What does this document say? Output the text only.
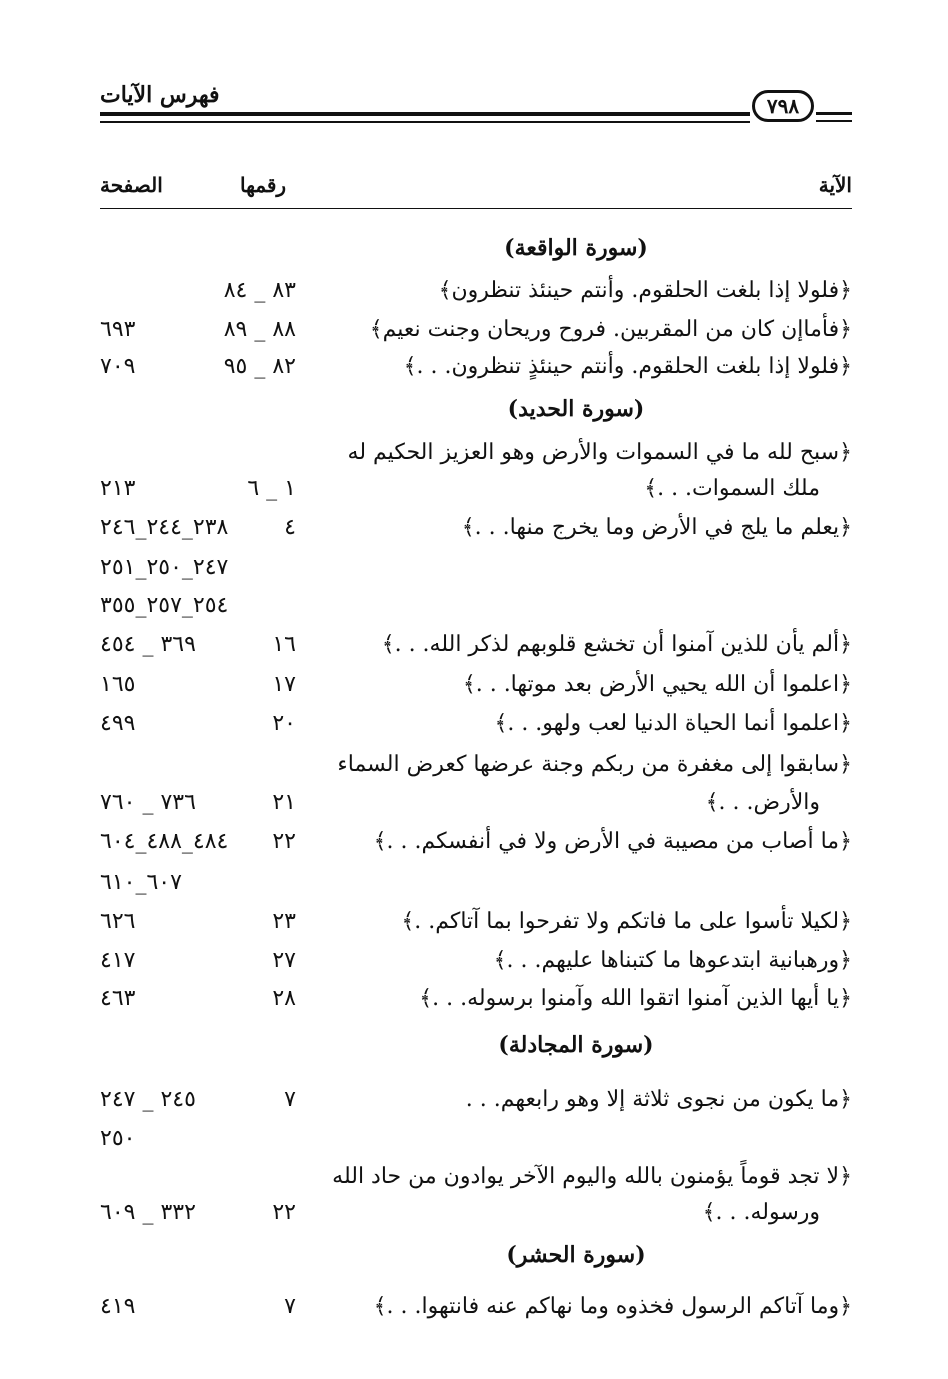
فهرس الآيات	٧٩٨
الآية
رقمها
الصفحة
(سورة الواقعة)
﴿فلولا إذا بلغت الحلقوم. وأنتم حينئذ تنظرون﴾
٨٣ _ ٨٤
﴿فأماإن كان من المقربين. فروح وريحان وجنت نعيم﴾
٨٨ _ ٨٩
٦٩٣
﴿فلولا إذا بلغت الحلقوم. وأنتم حينئذٍ تنظرون. . .﴾
٨٢ _ ٩٥
٧٠٩
(سورة الحديد)
﴿سبح لله ما في السموات والأرض وهو العزيز الحكيم له
ملك السموات. . .﴾
١ _ ٦
٢١٣
﴿يعلم ما يلج في الأرض وما يخرج منها. . .﴾
٤
٢٣٨_٢٤٤_٢٤٦
٢٤٧_٢٥٠_٢٥١
٢٥٤_٢٥٧_٣٥٥
﴿ألم يأن للذين آمنوا أن تخشع قلوبهم لذكر الله. . .﴾
١٦
٣٦٩ _ ٤٥٤
﴿اعلموا أن الله يحيي الأرض بعد موتها. . .﴾
١٧
١٦٥
﴿اعلموا أنما الحياة الدنيا لعب ولهو. . .﴾
٢٠
٤٩٩
﴿سابقوا إلى مغفرة من ربكم وجنة عرضها كعرض السماء
والأرض. . .﴾
٢١
٧٣٦ _ ٧٦٠
﴿ما أصاب من مصيبة في الأرض ولا في أنفسكم. . .﴾
٢٢
٤٨٤_٤٨٨_٦٠٤
٦٠٧_٦١٠
﴿لكيلا تأسوا على ما فاتكم ولا تفرحوا بما آتاكم. .﴾
٢٣
٦٢٦
﴿ورهبانية ابتدعوها ما كتبناها عليهم. . .﴾
٢٧
٤١٧
﴿يا أيها الذين آمنوا اتقوا الله وآمنوا برسوله. . .﴾
٢٨
٤٦٣
(سورة المجادلة)
﴿ما يكون من نجوى ثلاثة إلا وهو رابعهم. . .
٧
٢٤٥ _ ٢٤٧
٢٥٠
﴿لا تجد قوماً يؤمنون بالله واليوم الآخر يوادون من حاد الله
ورسوله. . .﴾
٢٢
٣٣٢ _ ٦٠٩
(سورة الحشر)
﴿وما آتاكم الرسول فخذوه وما نهاكم عنه فانتهوا. . .﴾
٧
٤١٩
